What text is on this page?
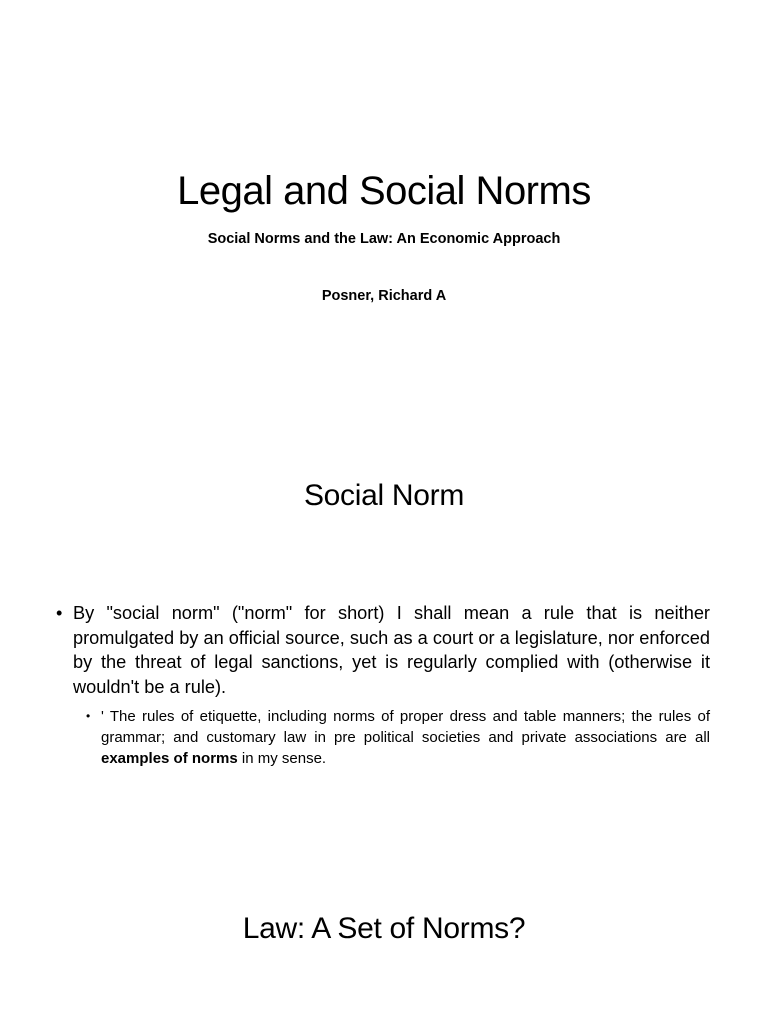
Legal and Social Norms
Social Norms and the Law: An Economic Approach
Posner, Richard A
Social Norm
• By "social norm" ("norm" for short) I shall mean a rule that is neither promulgated by an official source, such as a court or a legislature, nor enforced by the threat of legal sanctions, yet is regularly complied with (otherwise it wouldn't be a rule).
• ' The rules of etiquette, including norms of proper dress and table manners; the rules of grammar; and customary law in pre political societies and private associations are all examples of norms in my sense.
Law: A Set of Norms?
